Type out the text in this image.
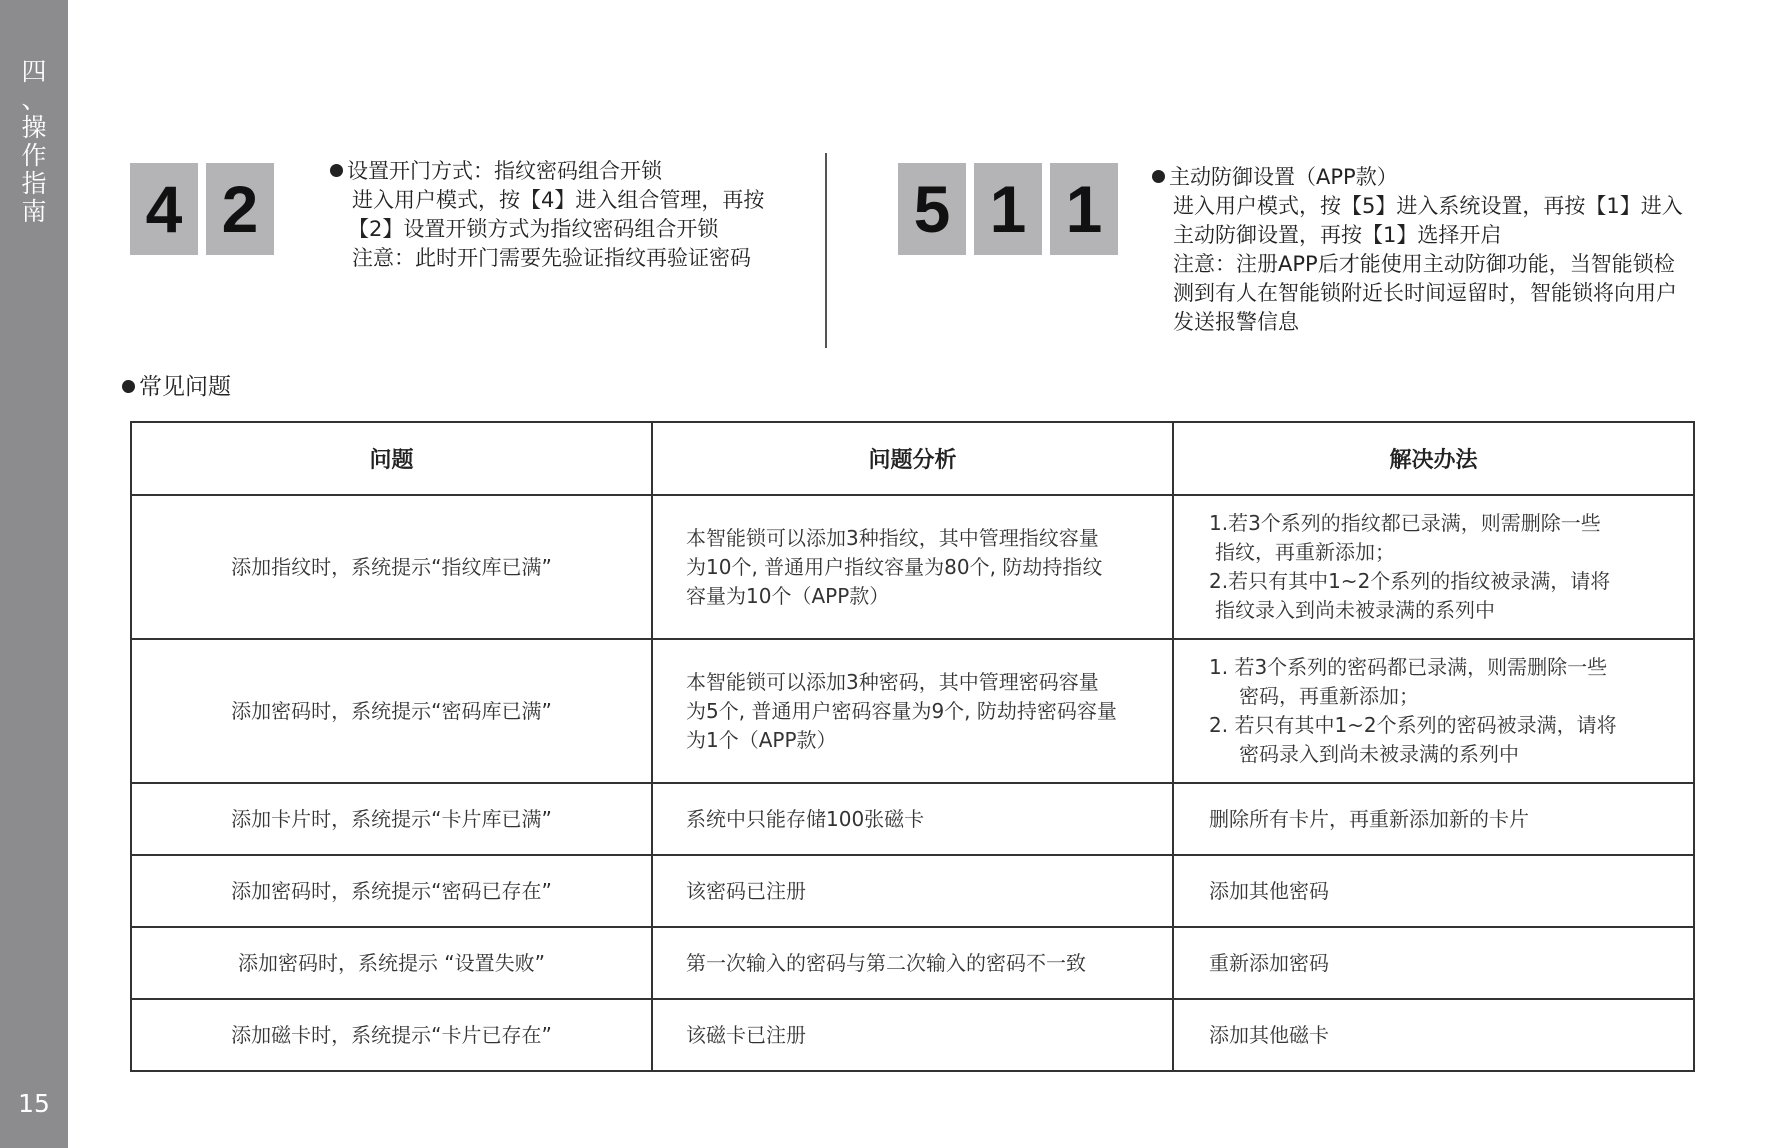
四
、
操
作
指
南
15
4 2
设置开门方式：指纹密码组合开锁
进入用户模式，按【4】进入组合管理，再按
【2】设置开锁方式为指纹密码组合开锁
注意：此时开门需要先验证指纹再验证密码
5 1 1	主动防御设置（APP款）
进入用户模式，按【5】进入系统设置，再按【1】进入
主动防御设置，再按【1】选择开启
注意：注册APP后才能使用主动防御功能，当智能锁检
测到有人在智能锁附近长时间逗留时，智能锁将向用户
发送报警信息
常见问题
问题	问题分析	解决办法
添加指纹时，系统提示“指纹库已满”	本智能锁可以添加3种指纹，其中管理指纹容量
为10个, 普通用户指纹容量为80个, 防劫持指纹
容量为10个（APP款）	1.若3个系列的指纹都已录满，则需删除一些
指纹，再重新添加；
2.若只有其中1~2个系列的指纹被录满，请将
指纹录入到尚未被录满的系列中

添加密码时，系统提示“密码库已满”	本智能锁可以添加3种密码，其中管理密码容量
为5个, 普通用户密码容量为9个, 防劫持密码容量
为1个（APP款）	1. 若3个系列的密码都已录满，则需删除一些
密码，再重新添加；
2. 若只有其中1~2个系列的密码被录满，请将
密码录入到尚未被录满的系列中

添加卡片时，系统提示“卡片库已满”	系统中只能存储100张磁卡	删除所有卡片，再重新添加新的卡片
添加密码时，系统提示“密码已存在”	该密码已注册	添加其他密码
添加密码时，系统提示 “设置失败”	第一次输入的密码与第二次输入的密码不一致	重新添加密码
添加磁卡时，系统提示“卡片已存在”	该磁卡已注册	添加其他磁卡
